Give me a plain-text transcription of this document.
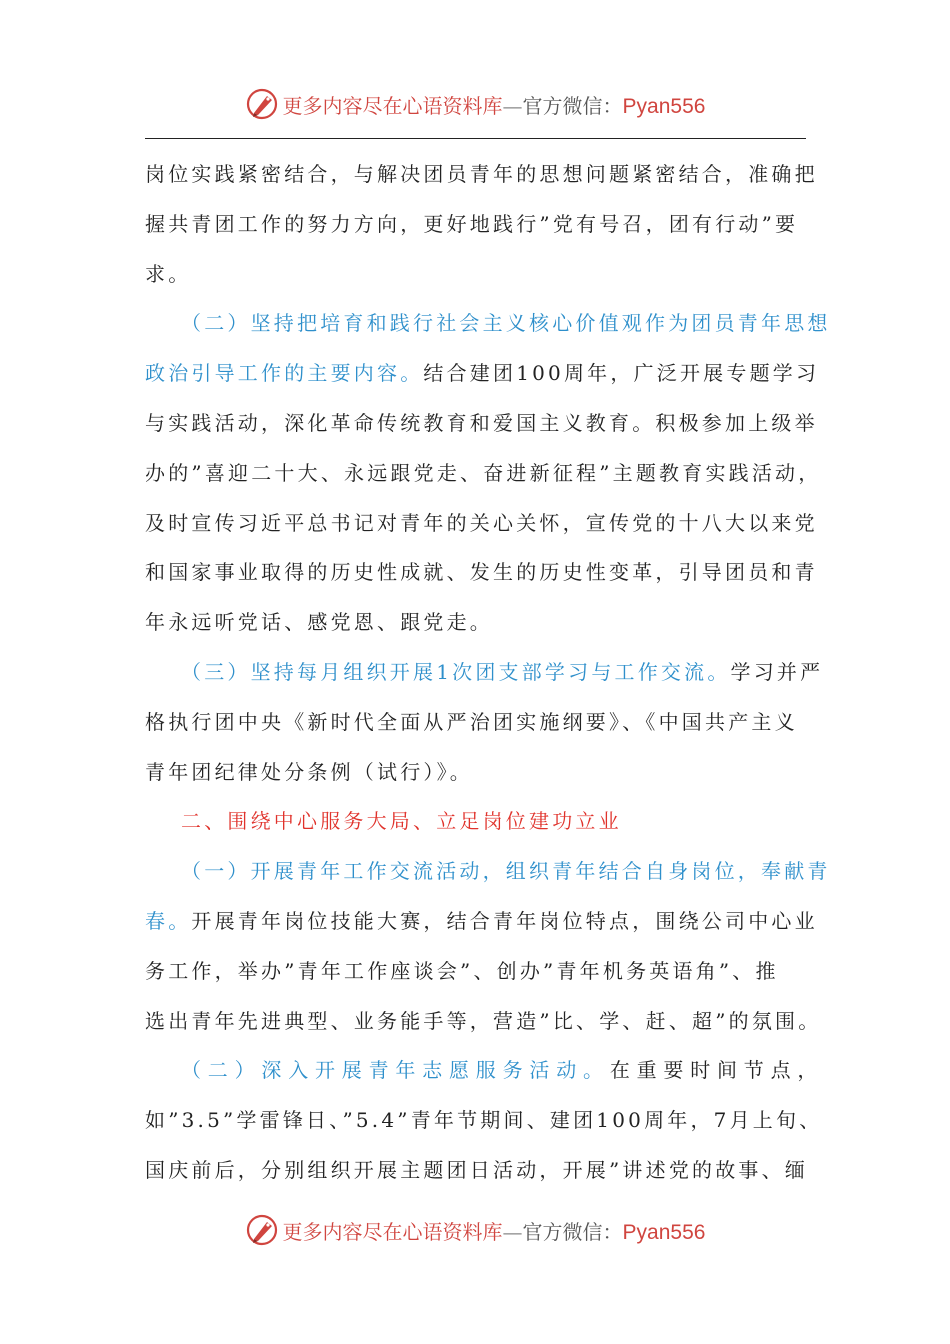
更多内容尽在心语资料库—官方微信：Pyan556
岗位实践紧密结合，与解决团员青年的思想问题紧密结合，准确把
握共青团工作的努力方向，更好地践行”党有号召，团有行动”要
求。
（二）坚持把培育和践行社会主义核心价值观作为团员青年思想
政治引导工作的主要内容。结合建团100周年，广泛开展专题学习
与实践活动，深化革命传统教育和爱国主义教育。积极参加上级举
办的”喜迎二十大、永远跟党走、奋进新征程”主题教育实践活动，
及时宣传习近平总书记对青年的关心关怀，宣传党的十八大以来党
和国家事业取得的历史性成就、发生的历史性变革，引导团员和青
年永远听党话、感党恩、跟党走。
（三）坚持每月组织开展1次团支部学习与工作交流。学习并严
格执行团中央《新时代全面从严治团实施纲要》、《中国共产主义
青年团纪律处分条例（试行）》。
二、围绕中心服务大局、立足岗位建功立业
（一）开展青年工作交流活动，组织青年结合自身岗位，奉献青
春。开展青年岗位技能大赛，结合青年岗位特点，围绕公司中心业
务工作，举办”青年工作座谈会”、创办”青年机务英语角”、推
选出青年先进典型、业务能手等，营造”比、学、赶、超”的氛围。
（二）深入开展青年志愿服务活动。在重要时间节点，
如”3.5”学雷锋日、”5.4”青年节期间、建团100周年，7月上旬、
国庆前后，分别组织开展主题团日活动，开展”讲述党的故事、缅
更多内容尽在心语资料库—官方微信：Pyan556
